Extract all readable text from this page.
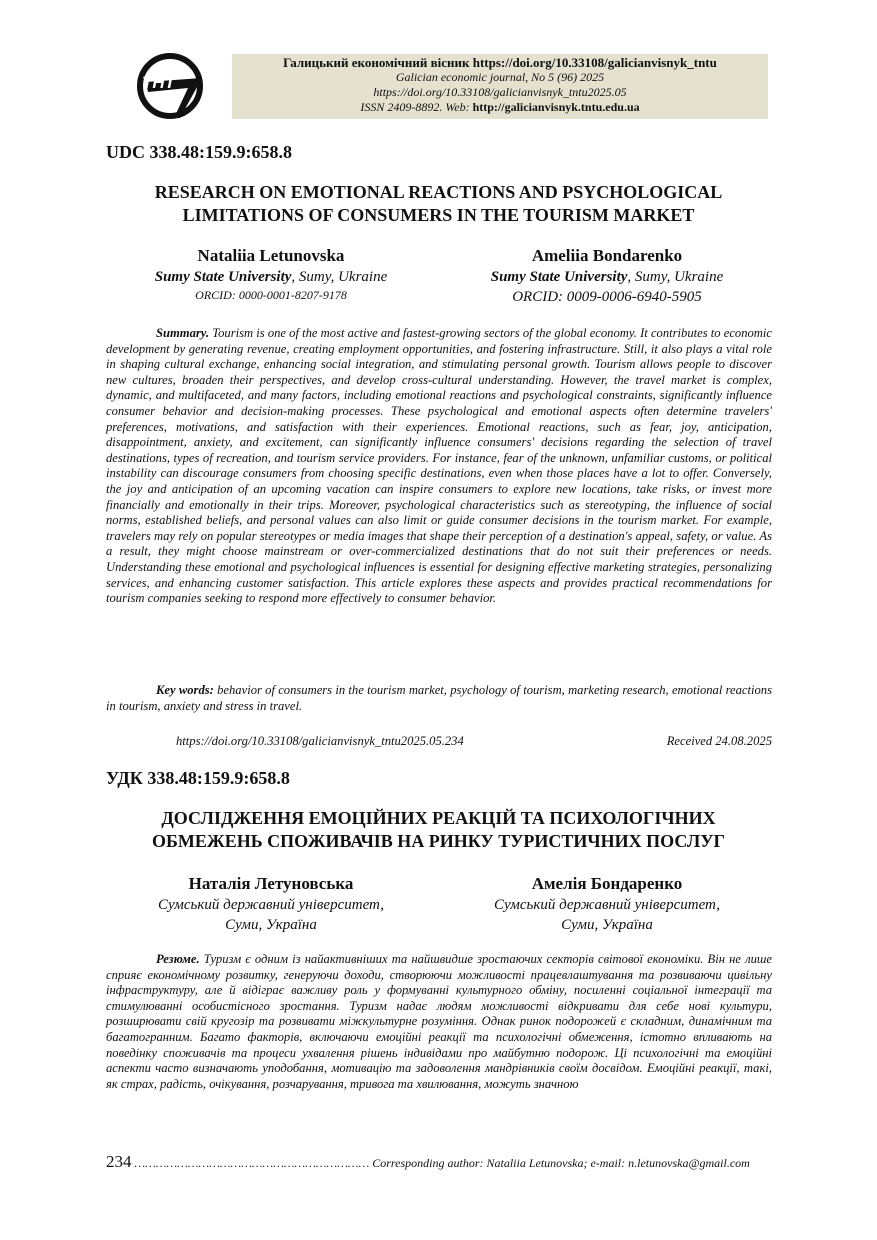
ТНТ
Галицький економічний вісник https://doi.org/10.33108/galicianvisnyk_tntu
Galician economic journal, No 5 (96) 2025
https://doi.org/10.33108/galicianvisnyk_tntu2025.05
ISSN 2409-8892. Web: http://galicianvisnyk.tntu.edu.ua
UDC 338.48:159.9:658.8
RESEARCH ON EMOTIONAL REACTIONS AND PSYCHOLOGICAL
LIMITATIONS OF CONSUMERS IN THE TOURISM MARKET
Nataliia Letunovska
Sumy State University, Sumy, Ukraine
ORCID: 0000-0001-8207-9178
Ameliia Bondarenko
Sumy State University, Sumy, Ukraine
ORCID: 0009-0006-6940-5905

Summary. Tourism is one of the most active and fastest-growing sectors of the global economy. It contributes to economic development by generating revenue, creating employment opportunities, and fostering infrastructure. Still, it also plays a vital role in shaping cultural exchange, enhancing social integration, and stimulating personal growth. Tourism allows people to discover new cultures, broaden their perspectives, and develop cross-cultural understanding. However, the travel market is complex, dynamic, and multifaceted, and many factors, including emotional reactions and psychological constraints, significantly influence consumer behavior and decision-making processes. These psychological and emotional aspects often determine travelers' preferences, motivations, and satisfaction with their experiences. Emotional reactions, such as fear, joy, anticipation, disappointment, anxiety, and excitement, can significantly influence consumers' decisions regarding the selection of travel destinations, types of recreation, and tourism service providers. For instance, fear of the unknown, unfamiliar customs, or political instability can discourage consumers from choosing specific destinations, even when those places have a lot to offer. Conversely, the joy and anticipation of an upcoming vacation can inspire consumers to explore new locations, take risks, or invest more financially and emotionally in their trips. Moreover, psychological characteristics such as stereotyping, the influence of social norms, established beliefs, and personal values can also limit or guide consumer decisions in the tourism market. For example, travelers may rely on popular stereotypes or media images that shape their perception of a destination's appeal, safety, or value. As a result, they might choose mainstream or over-commercialized destinations that do not suit their preferences or needs. Understanding these emotional and psychological influences is essential for designing effective marketing strategies, personalizing services, and enhancing customer satisfaction. This article explores these aspects and provides practical recommendations for tourism companies seeking to respond more effectively to consumer behavior.

Key words: behavior of consumers in the tourism market, psychology of tourism, marketing research, emotional reactions in tourism, anxiety and stress in travel.

https://doi.org/10.33108/galicianvisnyk_tntu2025.05.234	Received 24.08.2025
УДК 338.48:159.9:658.8
ДОСЛІДЖЕННЯ ЕМОЦІЙНИХ РЕАКЦІЙ ТА ПСИХОЛОГІЧНИХ
ОБМЕЖЕНЬ СПОЖИВАЧІВ НА РИНКУ ТУРИСТИЧНИХ ПОСЛУГ
Наталія Летуновська
Сумський державний університет,
Суми, Україна
Амелія Бондаренко
Сумський державний університет,
Суми, Україна

Резюме. Туризм є одним із найактивніших та найшвидше зростаючих секторів світової економіки. Він не лише сприяє економічному розвитку, генеруючи доходи, створюючи можливості працевлаштування та розвиваючи цивільну інфраструктуру, але й відіграє важливу роль у формуванні культурного обміну, посиленні соціальної інтеграції та стимулюванні особистісного зростання. Туризм надає людям можливості відкривати для себе нові культури, розширювати свій кругозір та розвивати міжкультурне розуміння. Однак ринок подорожей є складним, динамічним та багатогранним. Багато факторів, включаючи емоційні реакції та психологічні обмеження, істотно впливають на поведінку споживачів та процеси ухвалення рішень індивідами про майбутню подорож. Ці психологічні та емоційні аспекти часто визначають уподобання, мотивацію та задоволення мандрівників своїм досвідом. Емоційні реакції, такі, як страх, радість, очікування, розчарування, тривога та хвилювання, можуть значною

234 ………………………………………………………… Corresponding author: Nataliia Letunovska; e-mail: n.letunovska@gmail.com
